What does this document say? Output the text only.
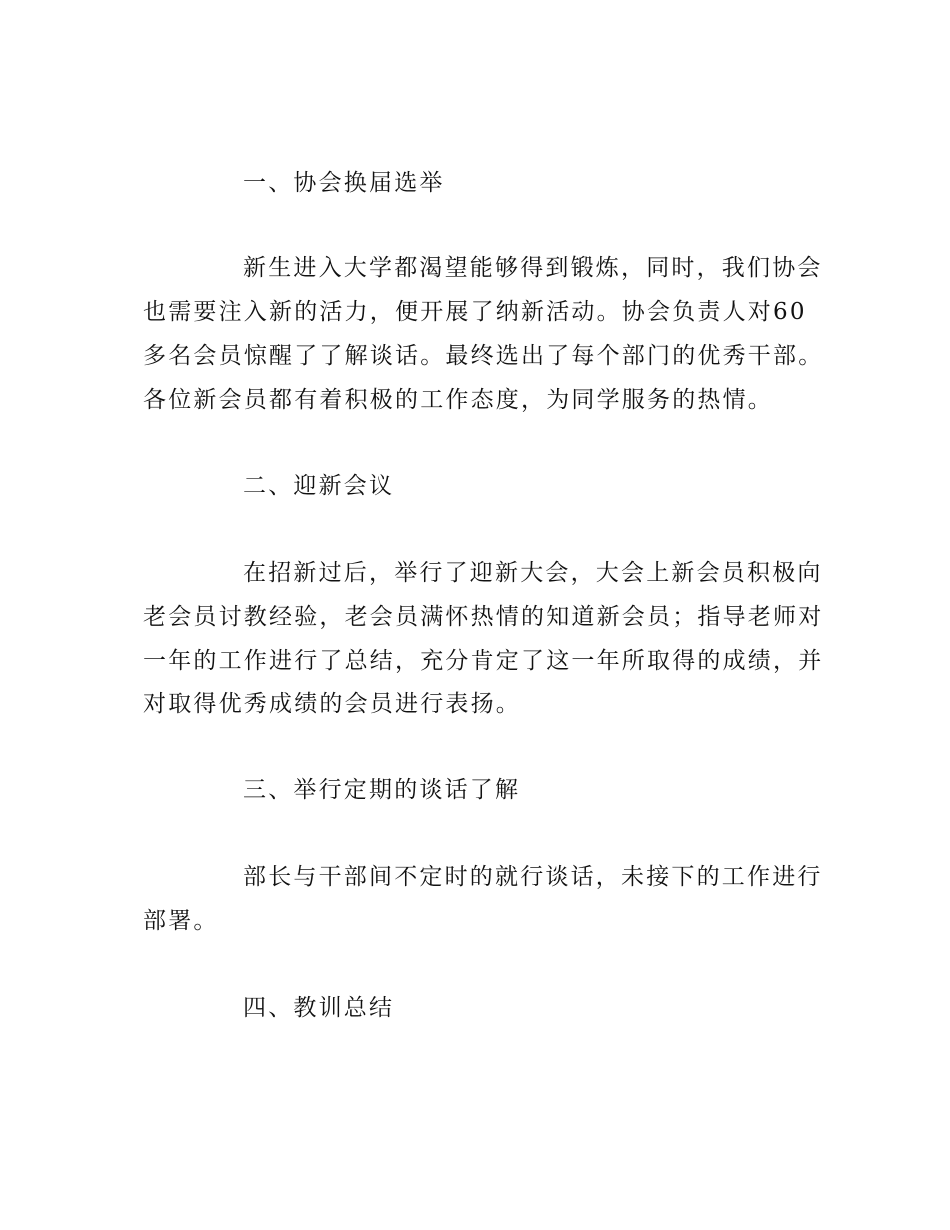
一、协会换届选举
新生进入大学都渴望能够得到锻炼，同时，我们协会
也需要注入新的活力，便开展了纳新活动。协会负责人对60
多名会员惊醒了了解谈话。最终选出了每个部门的优秀干部。
各位新会员都有着积极的工作态度，为同学服务的热情。
二、迎新会议
在招新过后，举行了迎新大会，大会上新会员积极向
老会员讨教经验，老会员满怀热情的知道新会员；指导老师对
一年的工作进行了总结，充分肯定了这一年所取得的成绩，并
对取得优秀成绩的会员进行表扬。
三、举行定期的谈话了解
部长与干部间不定时的就行谈话，未接下的工作进行
部署。
四、教训总结
